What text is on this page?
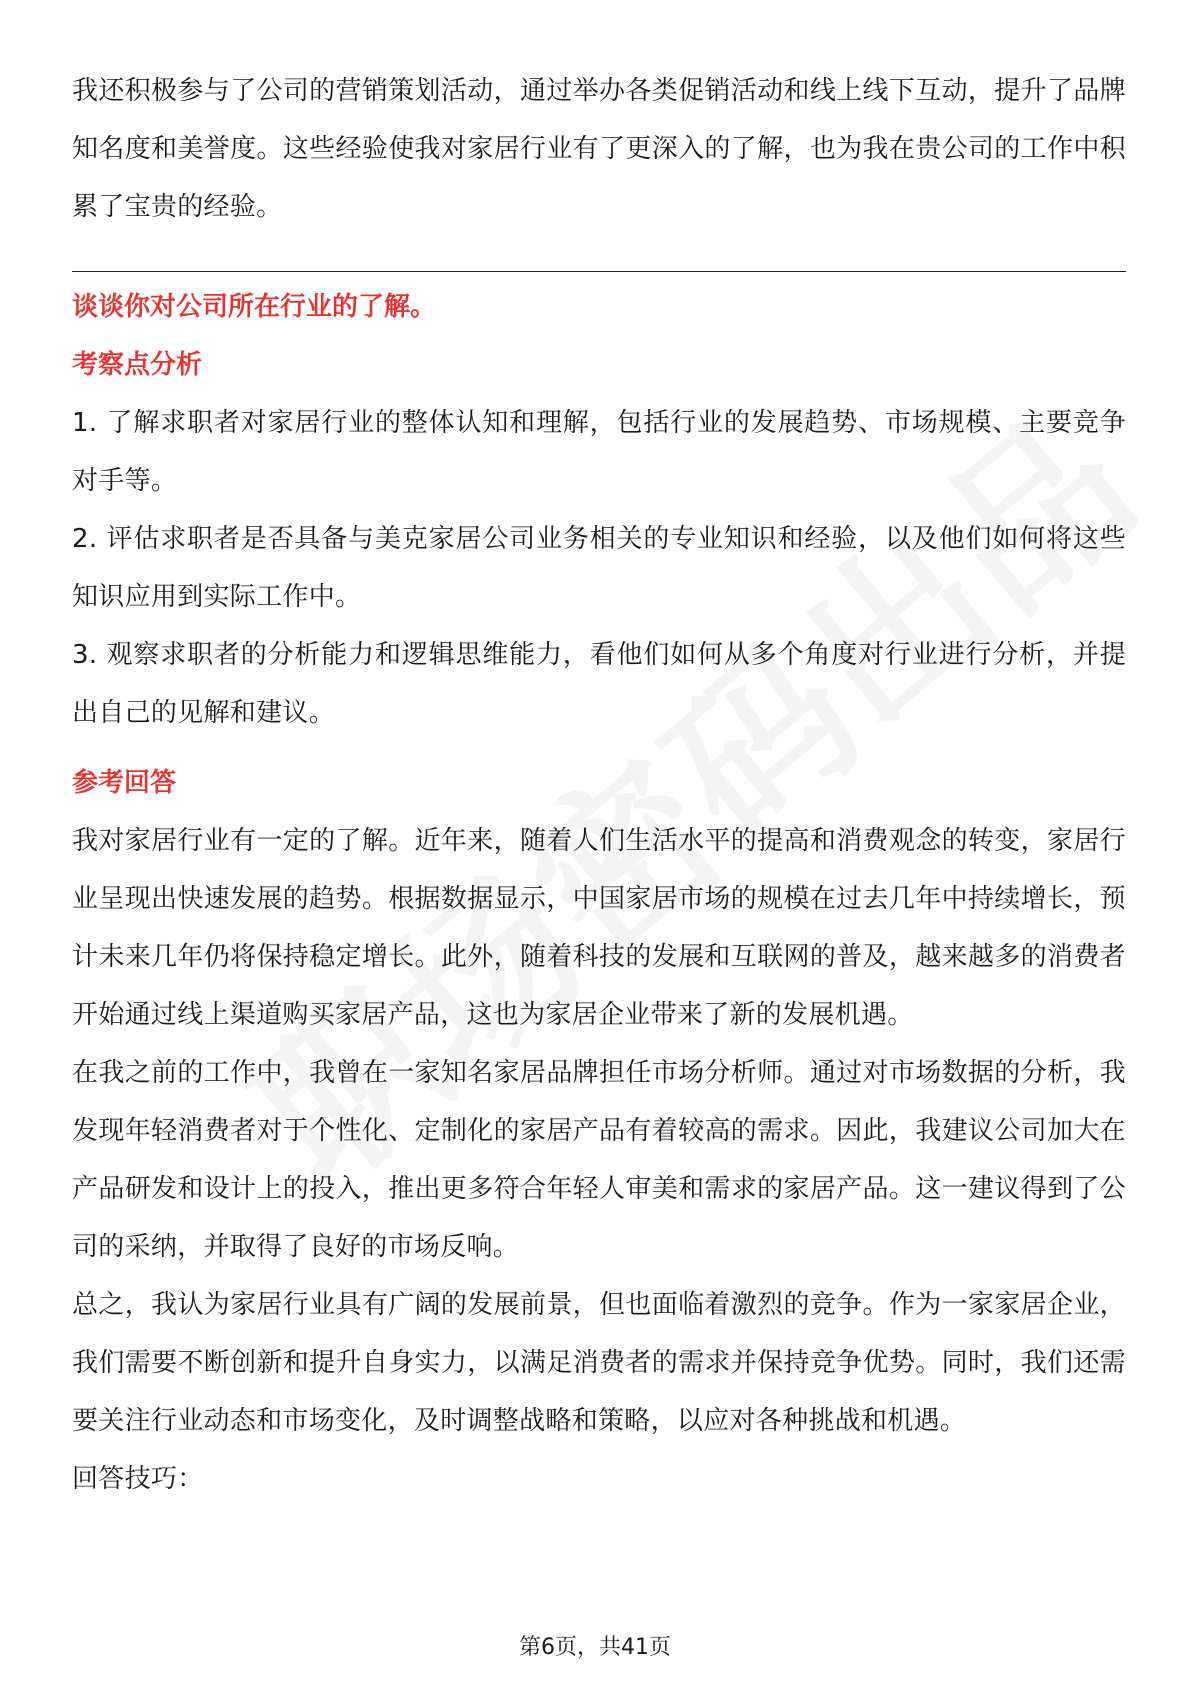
我还积极参与了公司的营销策划活动，通过举办各类促销活动和线上线下互动，提升了品牌知名度和美誉度。这些经验使我对家居行业有了更深入的了解，也为我在贵公司的工作中积累了宝贵的经验。

谈谈你对公司所在行业的了解。

考察点分析

1. 了解求职者对家居行业的整体认知和理解，包括行业的发展趋势、市场规模、主要竞争对手等。

2. 评估求职者是否具备与美克家居公司业务相关的专业知识和经验，以及他们如何将这些知识应用到实际工作中。

3. 观察求职者的分析能力和逻辑思维能力，看他们如何从多个角度对行业进行分析，并提出自己的见解和建议。

参考回答

我对家居行业有一定的了解。近年来，随着人们生活水平的提高和消费观念的转变，家居行业呈现出快速发展的趋势。根据数据显示，中国家居市场的规模在过去几年中持续增长，预计未来几年仍将保持稳定增长。此外，随着科技的发展和互联网的普及，越来越多的消费者开始通过线上渠道购买家居产品，这也为家居企业带来了新的发展机遇。

在我之前的工作中，我曾在一家知名家居品牌担任市场分析师。通过对市场数据的分析，我发现年轻消费者对于个性化、定制化的家居产品有着较高的需求。因此，我建议公司加大在产品研发和设计上的投入，推出更多符合年轻人审美和需求的家居产品。这一建议得到了公司的采纳，并取得了良好的市场反响。

总之，我认为家居行业具有广阔的发展前景，但也面临着激烈的竞争。作为一家家居企业，我们需要不断创新和提升自身实力，以满足消费者的需求并保持竞争优势。同时，我们还需要关注行业动态和市场变化，及时调整战略和策略，以应对各种挑战和机遇。

回答技巧：

第6页，共41页
